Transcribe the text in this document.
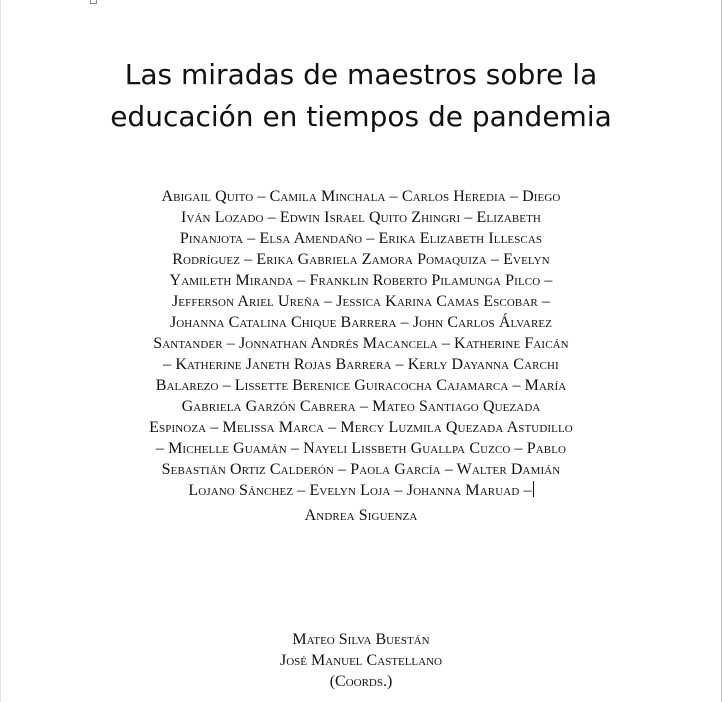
Las miradas de maestros sobre la
educación en tiempos de pandemia
Abigail Quito – Camila Minchala – Carlos Heredia – Diego
Iván Lozado – Edwin Israel Quito Zhingri – Elizabeth
Pinanjota – Elsa Amendaño – Erika Elizabeth Illescas
Rodríguez – Erika Gabriela Zamora Pomaquiza – Evelyn
Yamileth Miranda – Franklin Roberto Pilamunga Pilco –
Jefferson Ariel Ureña – Jessica Karina Camas Escobar –
Johanna Catalina Chique Barrera – John Carlos Álvarez
Santander – Jonnathan Andrés Macancela – Katherine Faicán
– Katherine Janeth Rojas Barrera – Kerly Dayanna Carchi
Balarezo – Lissette Berenice Guiracocha Cajamarca – María
Gabriela Garzón Cabrera – Mateo Santiago Quezada
Espinoza – Melissa Marca – Mercy Luzmila Quezada Astudillo
– Michelle Guamán – Nayeli Lissbeth Guallpa Cuzco – Pablo
Sebastián Ortiz Calderón – Paola García – Walter Damián
Lojano Sánchez – Evelyn Loja – Johanna Maruad –
Andrea Siguenza
Mateo Silva Buestán
José Manuel Castellano
(Coords.)
